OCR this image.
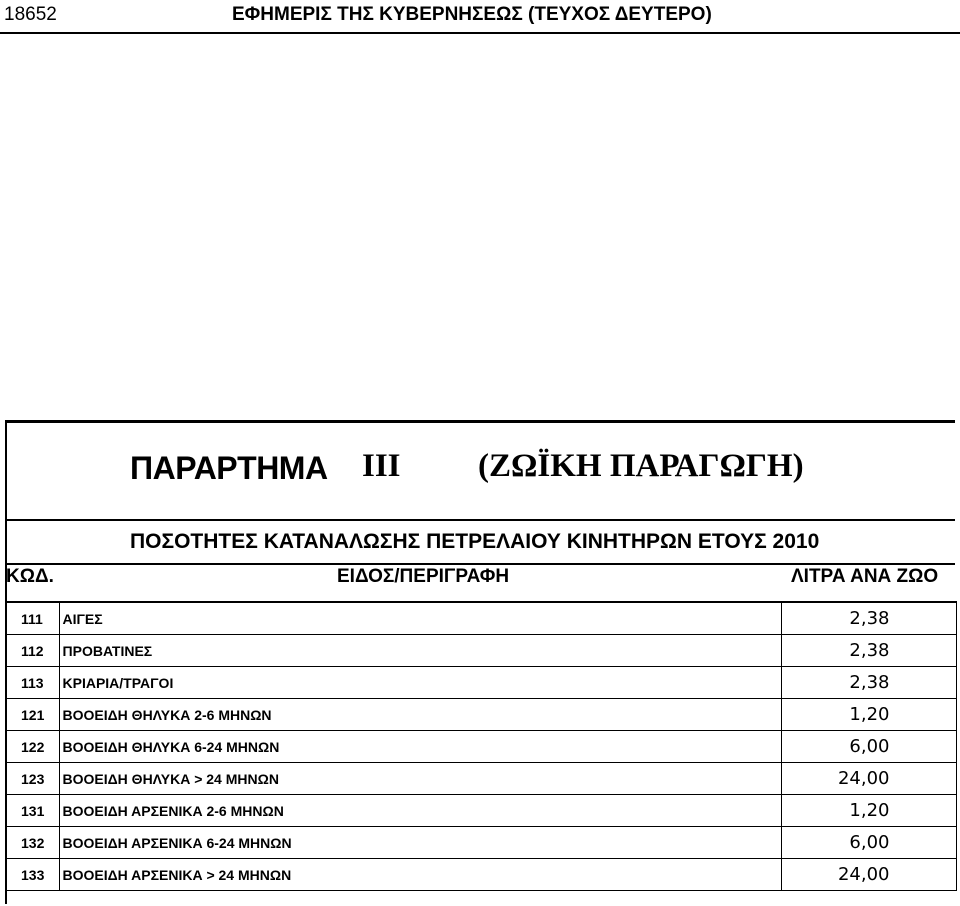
18652	ΕΦΗΜΕΡΙΣ ΤΗΣ ΚΥΒΕΡΝΗΣΕΩΣ (ΤΕΥΧΟΣ ΔΕΥΤΕΡΟ)
ΠΑΡΑΡΤΗΜΑ III (ΖΩΪΚΗ ΠΑΡΑΓΩΓΗ)
ΠΟΣΟΤΗΤΕΣ ΚΑΤΑΝΑΛΩΣΗΣ ΠΕΤΡΕΛΑΙΟΥ ΚΙΝΗΤΗΡΩΝ ΕΤΟΥΣ 2010
ΚΩΔ.	ΕΙΔΟΣ/ΠΕΡΙΓΡΑΦΗ	ΛΙΤΡΑ ΑΝΑ ΖΩΟ
111	ΑΙΓΕΣ	2,38	
112	ΠΡΟΒΑΤΙΝΕΣ	2,38	
113	ΚΡΙΑΡΙΑ/ΤΡΑΓΟΙ	2,38	
121	ΒΟΟΕΙΔΗ ΘΗΛΥΚΑ 2-6 ΜΗΝΩΝ	1,20	
122	ΒΟΟΕΙΔΗ ΘΗΛΥΚΑ 6-24 ΜΗΝΩΝ	6,00	
123	ΒΟΟΕΙΔΗ ΘΗΛΥΚΑ > 24 ΜΗΝΩΝ	24,00	
131	ΒΟΟΕΙΔΗ ΑΡΣΕΝΙΚΑ 2-6 ΜΗΝΩΝ	1,20	
132	ΒΟΟΕΙΔΗ ΑΡΣΕΝΙΚΑ 6-24 ΜΗΝΩΝ	6,00	
133	ΒΟΟΕΙΔΗ ΑΡΣΕΝΙΚΑ > 24 ΜΗΝΩΝ	24,00	
